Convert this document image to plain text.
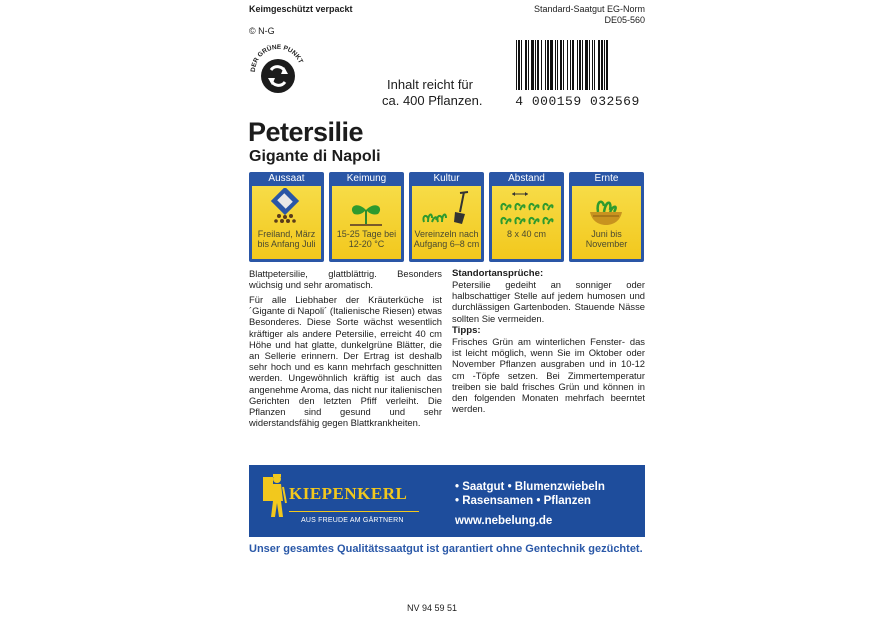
Keimgeschützt verpackt	Standard-Saatgut EG-Norm
DE05-560
© N-G
DER GRÜNE PUNKT
Inhalt reicht für
ca. 400 Pflanzen.	4 000159 032569
Petersilie
Gigante di Napoli
Aussaat
Freiland, März bis Anfang Juli
Keimung
15-25 Tage bei 12-20 °C
Kultur
Vereinzeln nach Aufgang 6–8 cm
Abstand
8 x 40 cm
Ernte
Juni bis November
Blattpetersilie, glattblättrig. Besonders wüchsig und sehr aromatisch.
Für alle Liebhaber der Kräuterküche ist ´Gigante di Napoli´ (Italienische Riesen) etwas Besonderes. Diese Sorte wächst wesentlich kräftiger als andere Petersilie, erreicht 40 cm Höhe und hat glatte, dunkelgrüne Blätter, die an Sellerie erinnern. Der Ertrag ist deshalb sehr hoch und es kann mehrfach geschnitten werden. Ungewöhnlich kräftig ist auch das angenehme Aroma, das nicht nur italienischen Gerichten den letzten Pfiff verleiht. Die Pflanzen sind gesund und sehr widerstandsfähig gegen Blattkrankheiten.
Standortansprüche:
Petersilie gedeiht an sonniger oder halbschattiger Stelle auf jedem humosen und durchlässigen Gartenboden. Stauende Nässe sollten Sie vermeiden.
Tipps:
Frisches Grün am winterlichen Fenster- das ist leicht möglich, wenn Sie im Oktober oder November Pflanzen ausgraben und in 10-12 cm -Töpfe setzen. Bei Zimmertemperatur treiben sie bald frisches Grün und können in den folgenden Monaten mehrfach beerntet werden.
KIEPENKERL
AUS FREUDE AM GÄRTNERN
• Saatgut • Blumenzwiebeln
• Rasensamen • Pflanzen
www.nebelung.de
Unser gesamtes Qualitätssaatgut ist garantiert ohne Gentechnik gezüchtet.
NV 94 59 51
